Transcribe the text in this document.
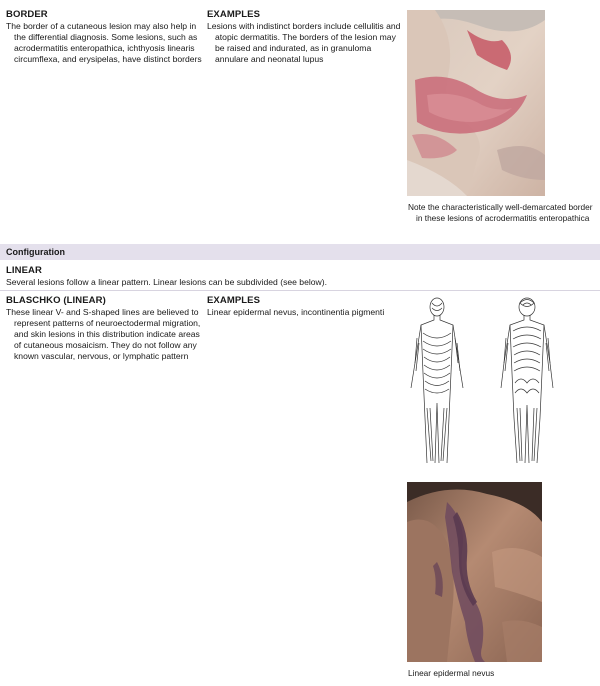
BORDER
The border of a cutaneous lesion may also help in the differential diagnosis. Some lesions, such as acrodermatitis enteropathica, ichthyosis linearis circumflexa, and erysipelas, have distinct borders
EXAMPLES
Lesions with indistinct borders include cellulitis and atopic dermatitis. The borders of the lesion may be raised and indurated, as in granuloma annulare and neonatal lupus
Note the characteristically well-demarcated border in these lesions of acrodermatitis enteropathica
Configuration
LINEAR
Several lesions follow a linear pattern. Linear lesions can be subdivided (see below).
BLASCHKO (LINEAR)
These linear V- and S-shaped lines are believed to represent patterns of neuroectodermal migration, and skin lesions in this distribution indicate areas of cutaneous mosaicism. They do not follow any known vascular, nervous, or lymphatic pattern
EXAMPLES
Linear epidermal nevus, incontinentia pigmenti
Linear epidermal nevus
